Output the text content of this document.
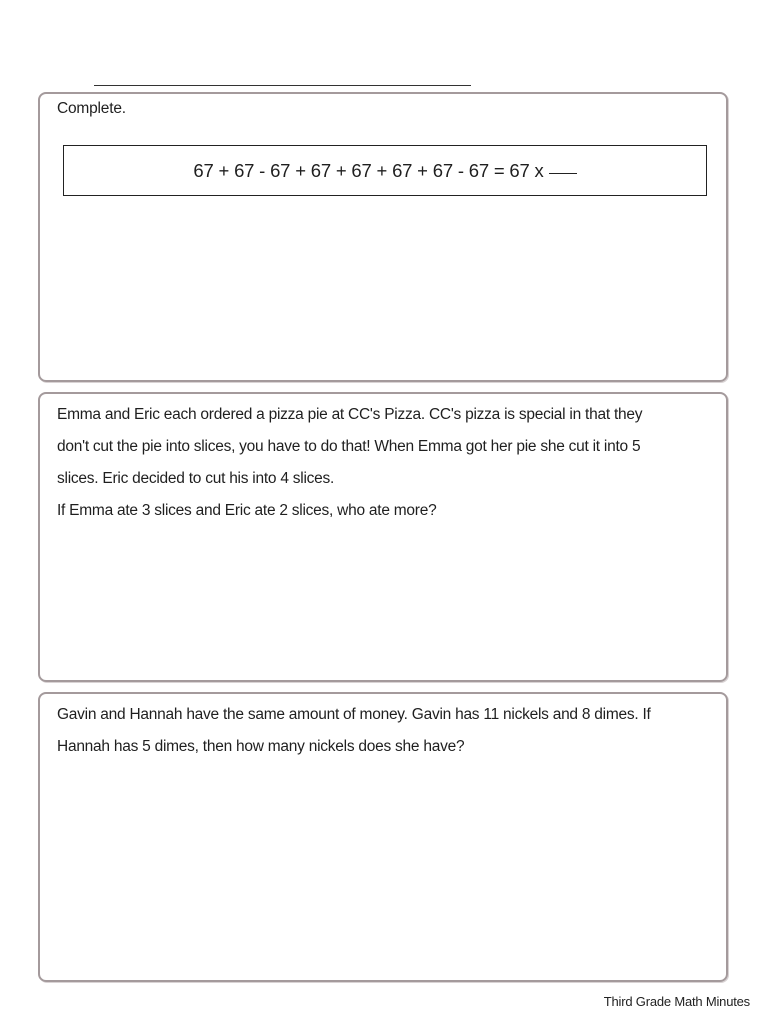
Complete.
67 + 67 - 67 + 67 + 67 + 67 + 67 - 67 = 67 x

Emma and Eric each ordered a pizza pie at CC's Pizza. CC's pizza is special in that they

don't cut the pie into slices, you have to do that! When Emma got her pie she cut it into 5

slices. Eric decided to cut his into 4 slices.

If Emma ate 3 slices and Eric ate 2 slices, who ate more?

Gavin and Hannah have the same amount of money. Gavin has 11 nickels and 8 dimes. If

Hannah has 5 dimes, then how many nickels does she have?

Third Grade Math Minutes
